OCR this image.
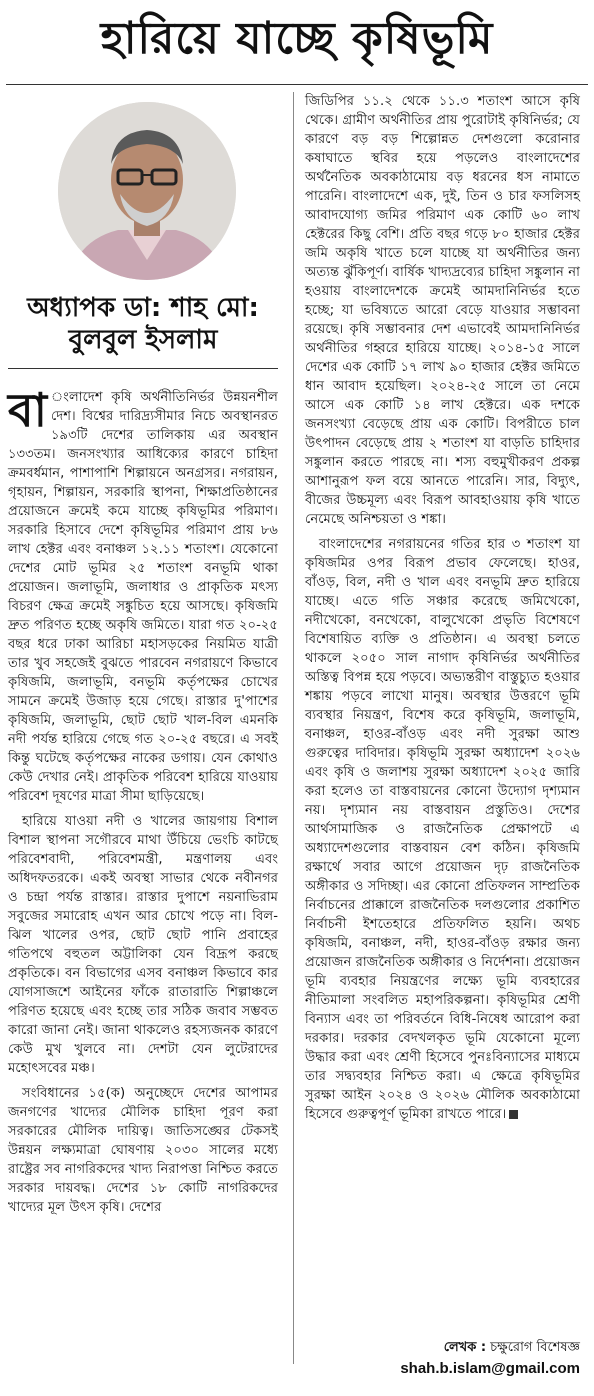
হারিয়ে যাচ্ছে কৃষিভূমি
অধ্যাপক ডা: শাহ মো: বুলবুল ইসলাম

বা ংলাদেশ কৃষি অর্থনীতিনির্ভর উন্নয়নশীল দেশ। বিশ্বের দারিদ্র্যসীমার নিচে অবস্থানরত ১৯৩টি দেশের তালিকায় এর অবস্থান ১৩৩তম। জনসংখ্যার আধিক্যের কারণে চাহিদা ক্রমবর্ধমান, পাশাপাশি শিল্পায়নে অনগ্রসর। নগরায়ন, গৃহায়ন, শিল্পায়ন, সরকারি স্থাপনা, শিক্ষাপ্রতিষ্ঠানের প্রয়োজনে ক্রমেই কমে যাচ্ছে কৃষিভূমির পরিমাণ। সরকারি হিসাবে দেশে কৃষিভূমির পরিমাণ প্রায় ৮৬ লাখ হেক্টর এবং বনাঞ্চল ১২.১১ শতাংশ। যেকোনো দেশের মোট ভূমির ২৫ শতাংশ বনভূমি থাকা প্রয়োজন। জলাভূমি, জলাধার ও প্রাকৃতিক মৎস্য বিচরণ ক্ষেত্র ক্রমেই সঙ্কুচিত হয়ে আসছে। কৃষিজমি দ্রুত পরিণত হচ্ছে অকৃষি জমিতে। যারা গত ২০-২৫ বছর ধরে ঢাকা আরিচা মহাসড়কের নিয়মিত যাত্রী তার খুব সহজেই বুঝতে পারবেন নগরায়ণে কিভাবে কৃষিজমি, জলাভূমি, বনভূমি কর্তৃপক্ষের চোখের সামনে ক্রমেই উজাড় হয়ে গেছে। রাস্তার দু'পাশের কৃষিজমি, জলাভূমি, ছোট ছোট খাল-বিল এমনকি নদী পর্যন্ত হারিয়ে গেছে গত ২০-২৫ বছরে। এ সবই কিন্তু ঘটেছে কর্তৃপক্ষের নাকের ডগায়। যেন কোথাও কেউ দেখার নেই। প্রাকৃতিক পরিবেশ হারিয়ে যাওয়ায় পরিবেশ দূষণের মাত্রা সীমা ছাড়িয়েছে।

হারিয়ে যাওয়া নদী ও খালের জায়গায় বিশাল বিশাল স্থাপনা সগৌরবে মাথা উঁচিয়ে ভেংচি কাটছে পরিবেশবাদী, পরিবেশমন্ত্রী, মন্ত্রণালয় এবং অধিদফতরকে। একই অবস্থা সাভার থেকে নবীনগর ও চন্দ্রা পর্যন্ত রাস্তার। রাস্তার দুপাশে নয়নাভিরাম সবুজের সমারোহ এখন আর চোখে পড়ে না। বিল-ঝিল খালের ওপর, ছোট ছোট পানি প্রবাহের গতিপথে বহুতল অট্টালিকা যেন বিদ্রূপ করছে প্রকৃতিকে। বন বিভাগের এসব বনাঞ্চল কিভাবে কার যোগসাজশে আইনের ফাঁকে রাতারাতি শিল্পাঞ্চলে পরিণত হয়েছে এবং হচ্ছে তার সঠিক জবাব সম্ভবত কারো জানা নেই। জানা থাকলেও রহস্যজনক কারণে কেউ মুখ খুলবে না। দেশটা যেন লুটেরাদের মহোৎসবের মঞ্চ।

সংবিধানের ১৫(ক) অনুচ্ছেদে দেশের আপামর জনগণের খাদ্যের মৌলিক চাহিদা পূরণ করা সরকারের মৌলিক দায়িত্ব। জাতিসঙ্ঘের টেকসই উন্নয়ন লক্ষ্যমাত্রা ঘোষণায় ২০৩০ সালের মধ্যে রাষ্ট্রের সব নাগরিকদের খাদ্য নিরাপত্তা নিশ্চিত করতে সরকার দায়বদ্ধ। দেশের ১৮ কোটি নাগরিকদের খাদ্যের মূল উৎস কৃষি। দেশের

জিডিপির ১১.২ থেকে ১১.৩ শতাংশ আসে কৃষি থেকে। গ্রামীণ অর্থনীতির প্রায় পুরোটাই কৃষিনির্ভর; যে কারণে বড় বড় শিল্পোন্নত দেশগুলো করোনার কষাঘাতে স্থবির হয়ে পড়লেও বাংলাদেশের অর্থনৈতিক অবকাঠামোয় বড় ধরনের ধস নামাতে পারেনি। বাংলাদেশে এক, দুই, তিন ও চার ফসলিসহ আবাদযোগ্য জমির পরিমাণ এক কোটি ৬০ লাখ হেক্টরের কিছু বেশি। প্রতি বছর গড়ে ৮০ হাজার হেক্টর জমি অকৃষি খাতে চলে যাচ্ছে যা অর্থনীতির জন্য অত্যন্ত ঝুঁকিপূর্ণ। বার্ষিক খাদ্যদ্রব্যের চাহিদা সঙ্কুলান না হওয়ায় বাংলাদেশকে ক্রমেই আমদানিনির্ভর হতে হচ্ছে; যা ভবিষ্যতে আরো বেড়ে যাওয়ার সম্ভাবনা রয়েছে। কৃষি সম্ভাবনার দেশ এভাবেই আমদানিনির্ভর অর্থনীতির গহ্বরে হারিয়ে যাচ্ছে। ২০১৪-১৫ সালে দেশের এক কোটি ১৭ লাখ ৯০ হাজার হেক্টর জমিতে ধান আবাদ হয়েছিল। ২০২৪-২৫ সালে তা নেমে আসে এক কোটি ১৪ লাখ হেক্টরে। এক দশকে জনসংখ্যা বেড়েছে প্রায় এক কোটি। বিপরীতে চাল উৎপাদন বেড়েছে প্রায় ২ শতাংশ যা বাড়তি চাহিদার সঙ্কুলান করতে পারছে না। শস্য বহুমুখীকরণ প্রকল্প আশানুরূপ ফল বয়ে আনতে পারেনি। সার, বিদ্যুৎ, বীজের উচ্চমূল্য এবং বিরূপ আবহাওয়ায় কৃষি খাতে নেমেছে অনিশ্চয়তা ও শঙ্কা।

বাংলাদেশের নগরায়নের গতির হার ৩ শতাংশ যা কৃষিজমির ওপর বিরূপ প্রভাব ফেলেছে। হাওর, বাঁওড়, বিল, নদী ও খাল এবং বনভূমি দ্রুত হারিয়ে যাচ্ছে। এতে গতি সঞ্চার করেছে জমিখেকো, নদীখেকো, বনখেকো, বালুখেকো প্রভৃতি বিশেষণে বিশেষায়িত ব্যক্তি ও প্রতিষ্ঠান। এ অবস্থা চলতে থাকলে ২০৫০ সাল নাগাদ কৃষিনির্ভর অর্থনীতির অস্তিত্ব বিপন্ন হয়ে পড়বে। অভ্যন্তরীণ বাস্তুচ্যুত হওয়ার শঙ্কায় পড়বে লাখো মানুষ। অবস্থার উত্তরণে ভূমি ব্যবস্থার নিয়ন্ত্রণ, বিশেষ করে কৃষিভূমি, জলাভূমি, বনাঞ্চল, হাওর-বাঁওড় এবং নদী সুরক্ষা আশু গুরুত্বের দাবিদার। কৃষিভূমি সুরক্ষা অধ্যাদেশ ২০২৬ এবং কৃষি ও জলাশয় সুরক্ষা অধ্যাদেশ ২০২৫ জারি করা হলেও তা বাস্তবায়নের কোনো উদ্যোগ দৃশ্যমান নয়। দৃশ্যমান নয় বাস্তবায়ন প্রস্তুতিও। দেশের আর্থসামাজিক ও রাজনৈতিক প্রেক্ষাপটে এ অধ্যাদেশগুলোর বাস্তবায়ন বেশ কঠিন। কৃষিজমি রক্ষার্থে সবার আগে প্রয়োজন দৃঢ় রাজনৈতিক অঙ্গীকার ও সদিচ্ছা। এর কোনো প্রতিফলন সাম্প্রতিক নির্বাচনের প্রাক্কালে রাজনৈতিক দলগুলোর প্রকাশিত নির্বাচনী ইশতেহারে প্রতিফলিত হয়নি। অথচ কৃষিজমি, বনাঞ্চল, নদী, হাওর-বাঁওড় রক্ষার জন্য প্রয়োজন রাজনৈতিক অঙ্গীকার ও নির্দেশনা। প্রয়োজন ভূমি ব্যবহার নিয়ন্ত্রণের লক্ষ্যে ভূমি ব্যবহারের নীতিমালা সংবলিত মহাপরিকল্পনা। কৃষিভূমির শ্রেণী বিন্যাস এবং তা পরিবর্তনে বিধি-নিষেধ আরোপ করা দরকার। দরকার বেদখলকৃত ভূমি যেকোনো মূল্যে উদ্ধার করা এবং শ্রেণী হিসেবে পুনঃবিন্যাসের মাধ্যমে তার সদ্ব্যবহার নিশ্চিত করা। এ ক্ষেত্রে কৃষিভূমির সুরক্ষা আইন ২০২৪ ও ২০২৬ মৌলিক অবকাঠামো হিসেবে গুরুত্বপূর্ণ ভূমিকা রাখতে পারে।

লেখক : চক্ষুরোগ বিশেষজ্ঞ
shah.b.islam@gmail.com
